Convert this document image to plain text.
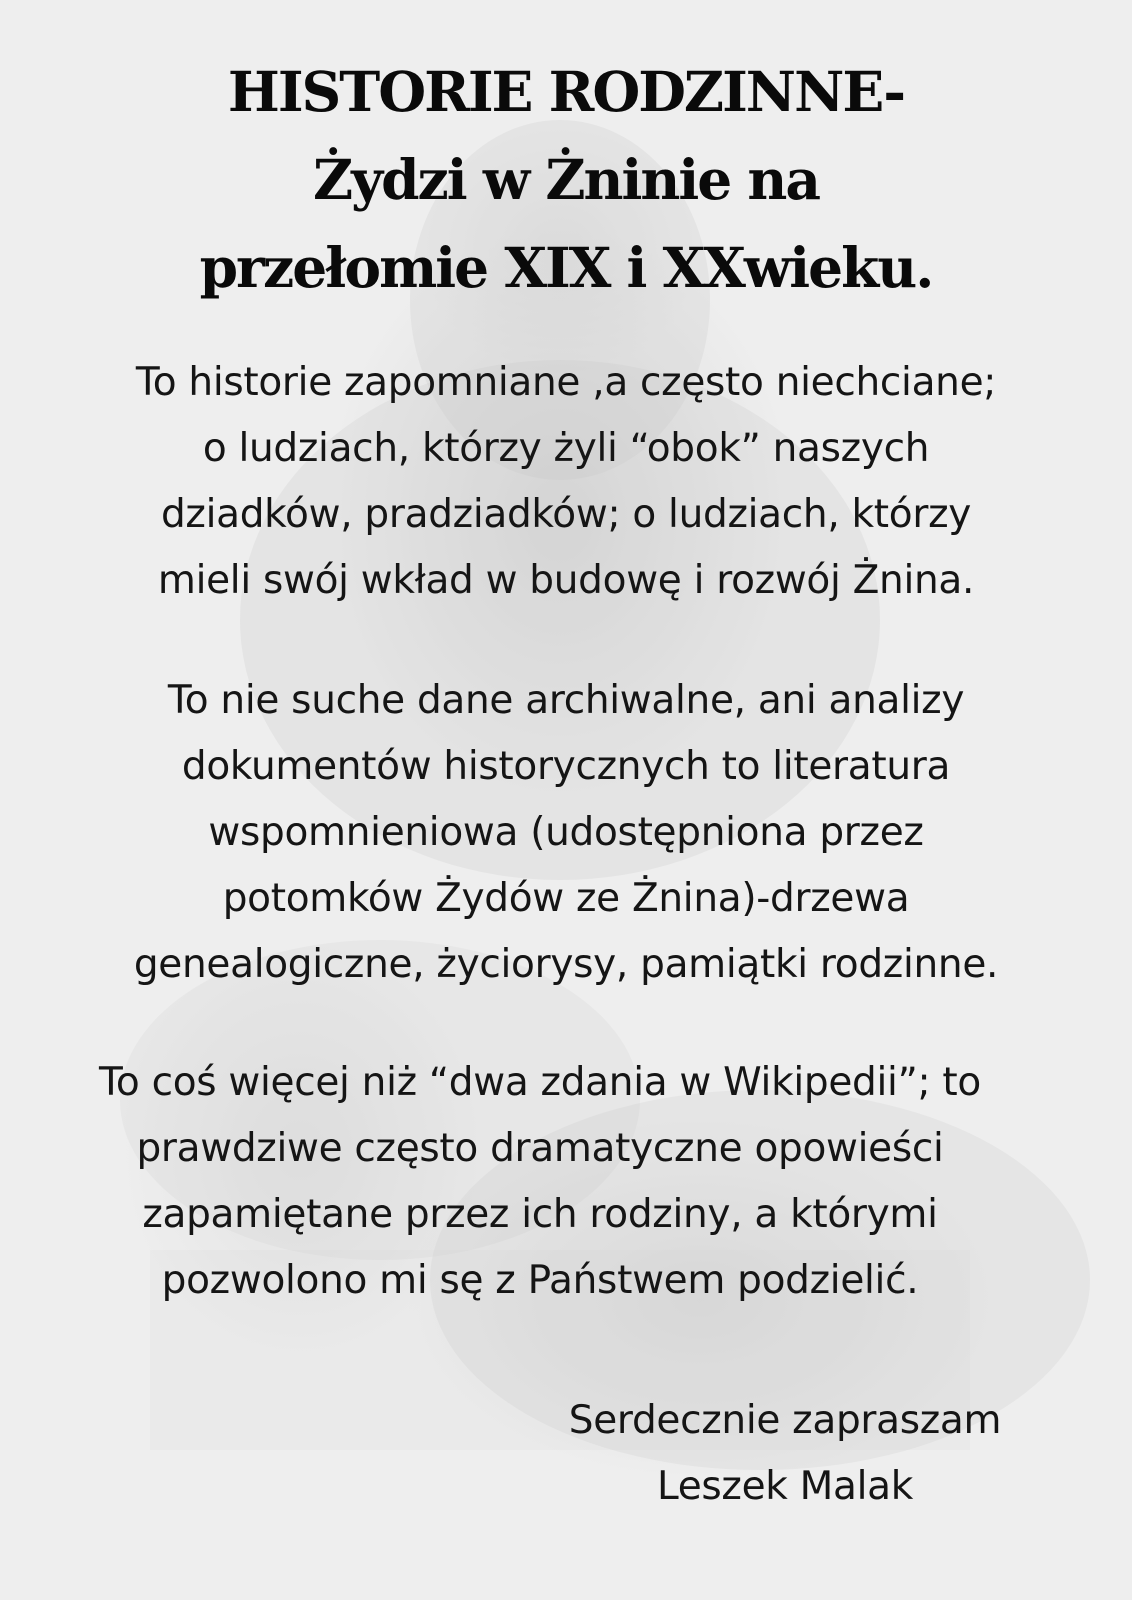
HISTORIE RODZINNE-
Żydzi w Żninie na
przełomie XIX i XXwieku.
To historie zapomniane ,a często niechciane;
o ludziach, którzy żyli “obok” naszych
dziadków, pradziadków; o ludziach, którzy
mieli swój wkład w budowę i rozwój Żnina.
To nie suche dane archiwalne, ani analizy
dokumentów historycznych to literatura
wspomnieniowa (udostępniona przez
potomków Żydów ze Żnina)-drzewa
genealogiczne, życiorysy, pamiątki rodzinne.
To coś więcej niż “dwa zdania w Wikipedii”; to
prawdziwe często dramatyczne opowieści
zapamiętane przez ich rodziny, a którymi
pozwolono mi sę z Państwem podzielić.
Serdecznie zapraszam
Leszek Malak
